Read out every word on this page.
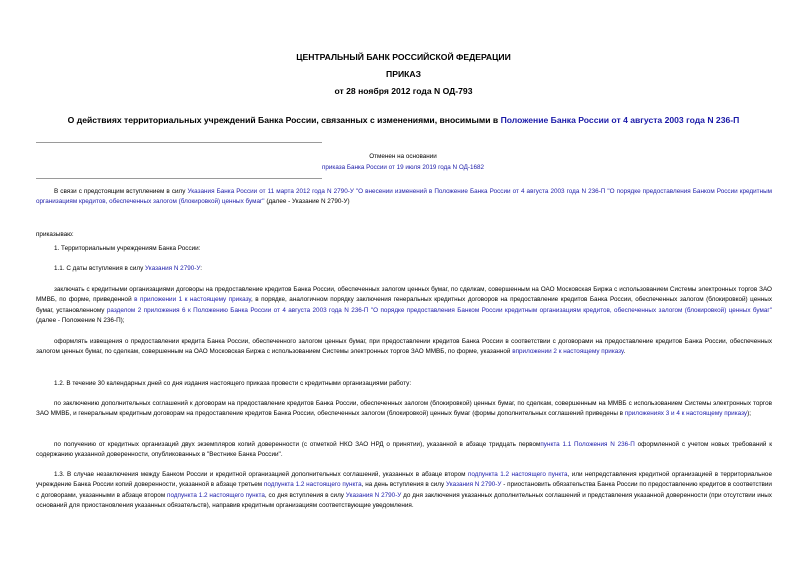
ЦЕНТРАЛЬНЫЙ БАНК РОССИЙСКОЙ ФЕДЕРАЦИИ
ПРИКАЗ
от 28 ноября 2012 года N ОД-793
О действиях территориальных учреждений Банка России, связанных с изменениями, вносимыми в Положение Банка России от 4 августа 2003 года N 236-П
Отменен на основании
приказа Банка России от 19 июля 2019 года N ОД-1682
В связи с предстоящим вступлением в силу Указания Банка России от 11 марта 2012 года N 2790-У "О внесении изменений в Положение Банка России от 4 августа 2003 года N 236-П "О порядке предоставления Банком России кредитным организациям кредитов, обеспеченных залогом (блокировкой) ценных бумаг" (далее - Указание N 2790-У)
приказываю:
1. Территориальным учреждениям Банка России:
1.1. С даты вступления в силу Указания N 2790-У:
заключать с кредитными организациями договоры на предоставление кредитов Банка России, обеспеченных залогом ценных бумаг, по сделкам, совершенным на ОАО Московская Биржа с использованием Системы электронных торгов ЗАО ММВБ, по форме, приведенной в приложении 1 к настоящему приказу, в порядке, аналогичном порядку заключения генеральных кредитных договоров на предоставление кредитов Банка России, обеспеченных залогом (блокировкой) ценных бумаг, установленному разделом 2 приложения 6 к Положению Банка России от 4 августа 2003 года N 236-П "О порядке предоставления Банком России кредитным организациям кредитов, обеспеченных залогом (блокировкой) ценных бумаг" (далее - Положение N 236-П);
оформлять извещения о предоставлении кредита Банка России, обеспеченного залогом ценных бумаг, при предоставлении кредитов Банка России в соответствии с договорами на предоставление кредитов Банка России, обеспеченных залогом ценных бумаг, по сделкам, совершенным на ОАО Московская Биржа с использованием Системы электронных торгов ЗАО ММВБ, по форме, указанной вприложении 2 к настоящему приказу.
1.2. В течение 30 календарных дней со дня издания настоящего приказа провести с кредитными организациями работу:
по заключению дополнительных соглашений к договорам на предоставление кредитов Банка России, обеспеченных залогом (блокировкой) ценных бумаг, по сделкам, совершенным на ММВБ с использованием Системы электронных торгов ЗАО ММВБ, и генеральным кредитным договорам на предоставление кредитов Банка России, обеспеченных залогом (блокировкой) ценных бумаг (формы дополнительных соглашений приведены в приложениях 3 и 4 к настоящему приказу);
по получению от кредитных организаций двух экземпляров копий доверенности (с отметкой НКО ЗАО НРД о принятии), указанной в абзаце тридцать первомпункта 1.1 Положения N 236-П оформленной с учетом новых требований к содержанию указанной доверенности, опубликованных в "Вестнике Банка России".
1.3. В случае незаключения между Банком России и кредитной организацией дополнительных соглашений, указанных в абзаце втором подпункта 1.2 настоящего пункта, или непредставления кредитной организацией в территориальное учреждение Банка России копий доверенности, указанной в абзаце третьем подпункта 1.2 настоящего пункта, на день вступления в силу Указания N 2790-У - приостановить обязательства Банка России по предоставлению кредитов в соответствии с договорами, указанными в абзаце втором подпункта 1.2 настоящего пункта, со дня вступления в силу Указания N 2790-У до дня заключения указанных дополнительных соглашений и представления указанной доверенности (при отсутствии иных оснований для приостановления указанных обязательств), направив кредитным организациям соответствующие уведомления.
